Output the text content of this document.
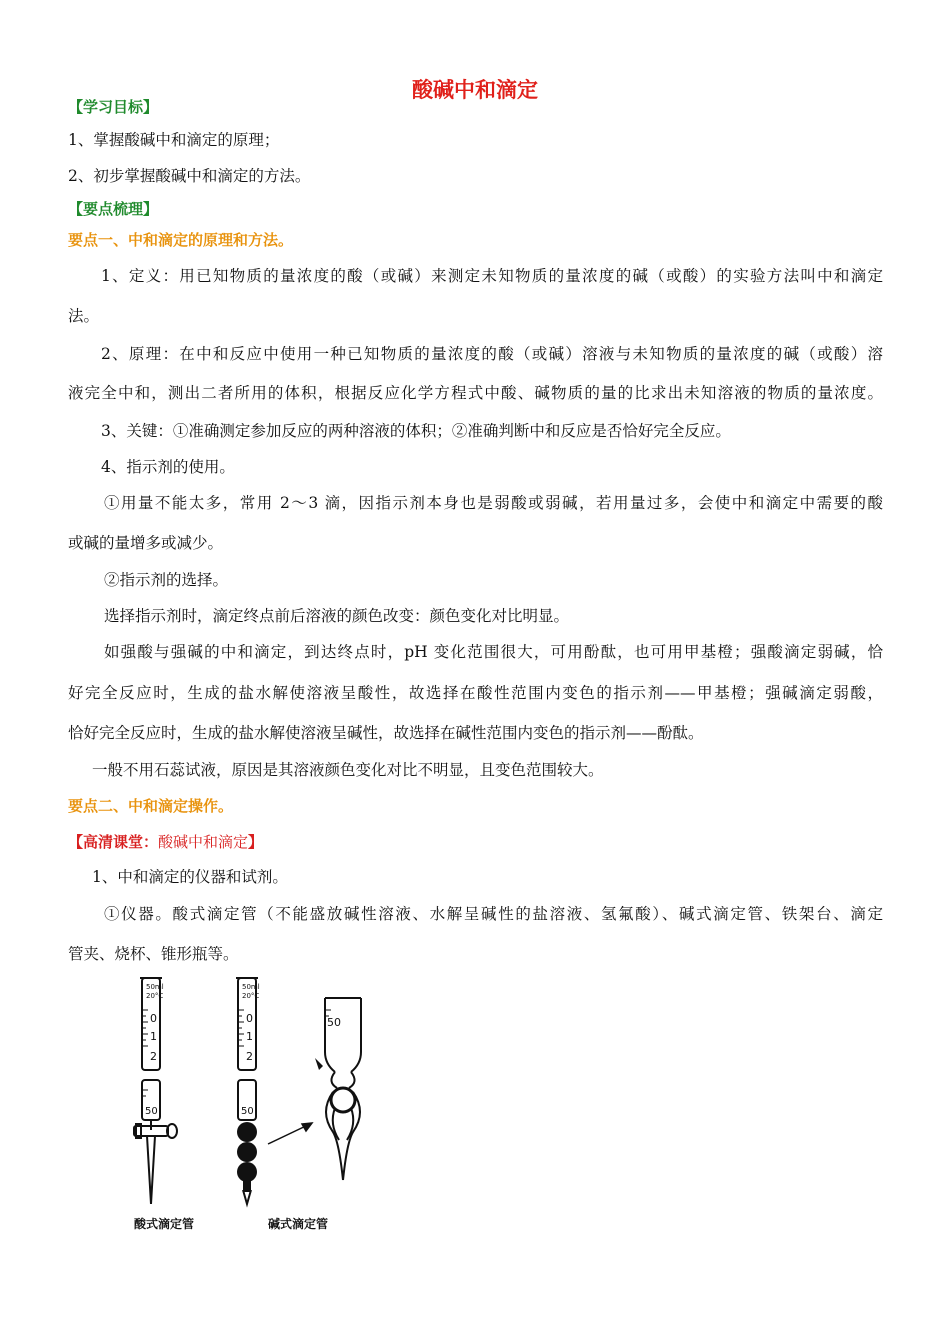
酸碱中和滴定
【学习目标】
1、掌握酸碱中和滴定的原理；
2、初步掌握酸碱中和滴定的方法。
【要点梳理】
要点一、中和滴定的原理和方法。
1、定义：用已知物质的量浓度的酸（或碱）来测定未知物质的量浓度的碱（或酸）的实验方法叫中和滴定
法。
2、原理：在中和反应中使用一种已知物质的量浓度的酸（或碱）溶液与未知物质的量浓度的碱（或酸）溶
液完全中和，测出二者所用的体积，根据反应化学方程式中酸、碱物质的量的比求出未知溶液的物质的量浓度。
3、关键：①准确测定参加反应的两种溶液的体积；②准确判断中和反应是否恰好完全反应。
4、指示剂的使用。
①用量不能太多，常用 2～3 滴，因指示剂本身也是弱酸或弱碱，若用量过多，会使中和滴定中需要的酸
或碱的量增多或减少。
②指示剂的选择。
选择指示剂时，滴定终点前后溶液的颜色改变：颜色变化对比明显。
如强酸与强碱的中和滴定，到达终点时，pH 变化范围很大，可用酚酞，也可用甲基橙；强酸滴定弱碱，恰
好完全反应时，生成的盐水解使溶液呈酸性，故选择在酸性范围内变色的指示剂——甲基橙；强碱滴定弱酸，
恰好完全反应时，生成的盐水解使溶液呈碱性，故选择在碱性范围内变色的指示剂——酚酞。
一般不用石蕊试液，原因是其溶液颜色变化对比不明显，且变色范围较大。
要点二、中和滴定操作。
【高清课堂：酸碱中和滴定】
1、中和滴定的仪器和试剂。
①仪器。酸式滴定管（不能盛放碱性溶液、水解呈碱性的盐溶液、氢氟酸）、碱式滴定管、铁架台、滴定
管夹、烧杯、锥形瓶等。
50ml
20°C
0
1
2
50
50ml
20°C
0
1
2
50
50
酸式滴定管	碱式滴定管
